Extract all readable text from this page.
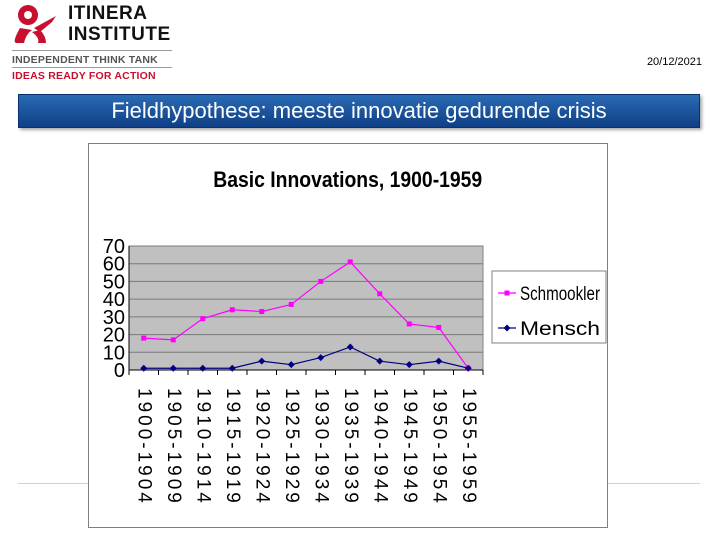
ITINERA
INSTITUTE
INDEPENDENT THINK TANK
IDEAS READY FOR ACTION
20/12/2021
Fieldhypothese: meeste innovatie gedurende crisis
Basic Innovations, 1900-1959
0
10
20
30
40
50
60
70
1900-1904 1905-1909 1910-1914 1915-1919 1920-1924 1925-1929 1930-1934 1935-1939 1940-1944 1945-1949 1950-1954 1955-1959
Schmookler
Mensch
